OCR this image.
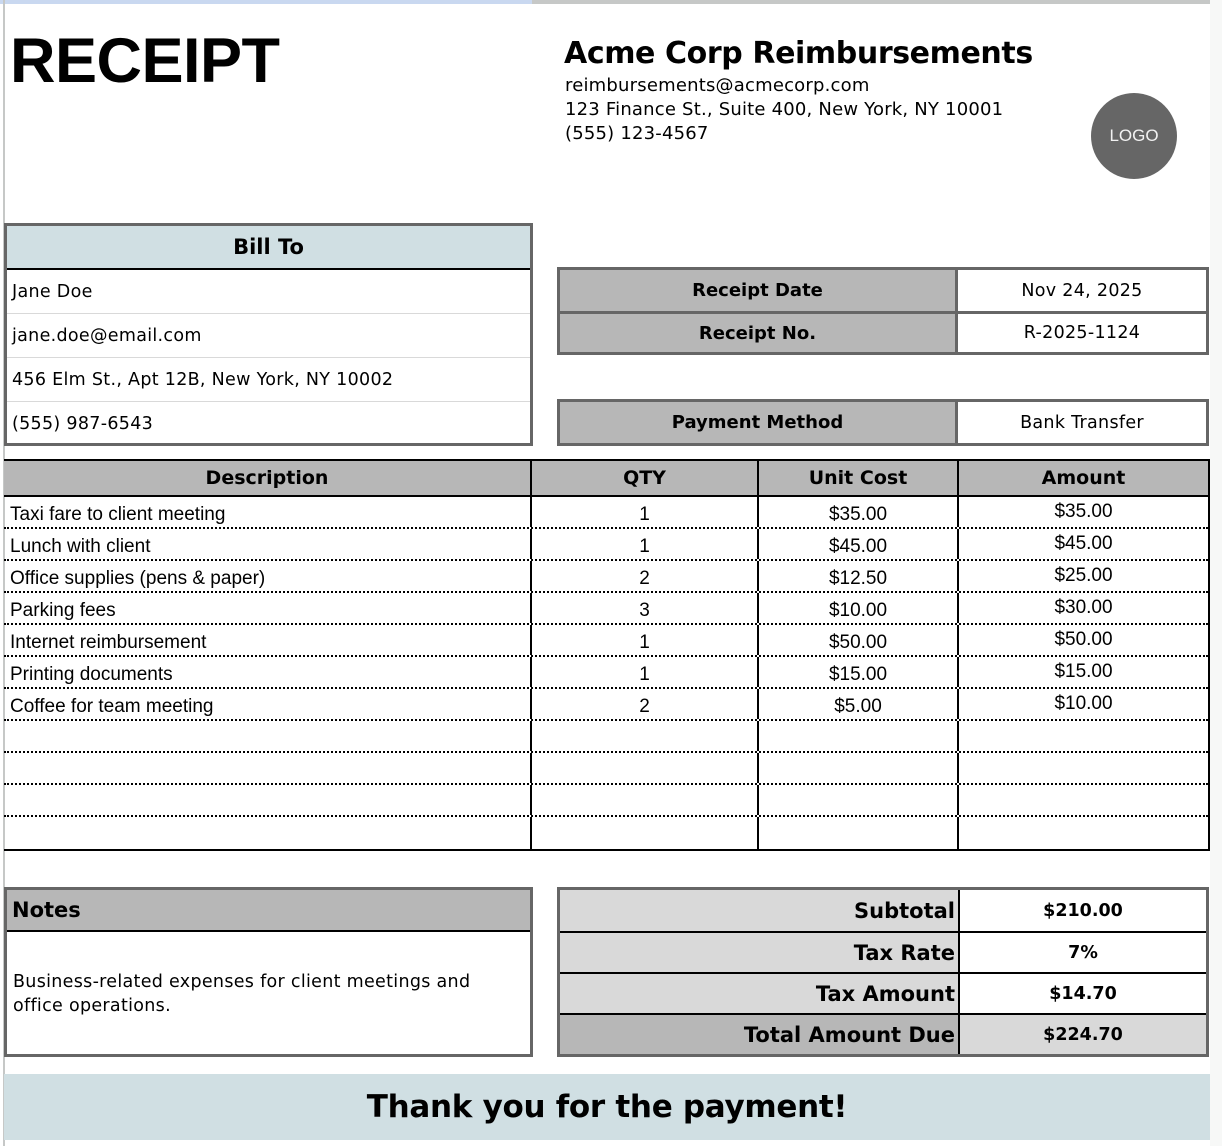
RECEIPT	Acme Corp Reimbursements
reimbursements@acmecorp.com
123 Finance St., Suite 400, New York, NY 10001
(555) 123-4567	LOGO
Bill To
Jane Doe
jane.doe@email.com
456 Elm St., Apt 12B, New York, NY 10002
(555) 987-6543
Receipt Date	Nov 24, 2025
Receipt No.	R-2025-1124
Payment Method	Bank Transfer
Description	QTY	Unit Cost	Amount
Taxi fare to client meeting	1	$35.00	$35.00
Lunch with client	1	$45.00	$45.00
Office supplies (pens & paper)	2	$12.50	$25.00
Parking fees	3	$10.00	$30.00
Internet reimbursement	1	$50.00	$50.00
Printing documents	1	$15.00	$15.00
Coffee for team meeting	2	$5.00	$10.00
Notes
Business-related expenses for client meetings and office operations.
Subtotal	$210.00
Tax Rate	7%
Tax Amount	$14.70
Total Amount Due	$224.70
Thank you for the payment!
